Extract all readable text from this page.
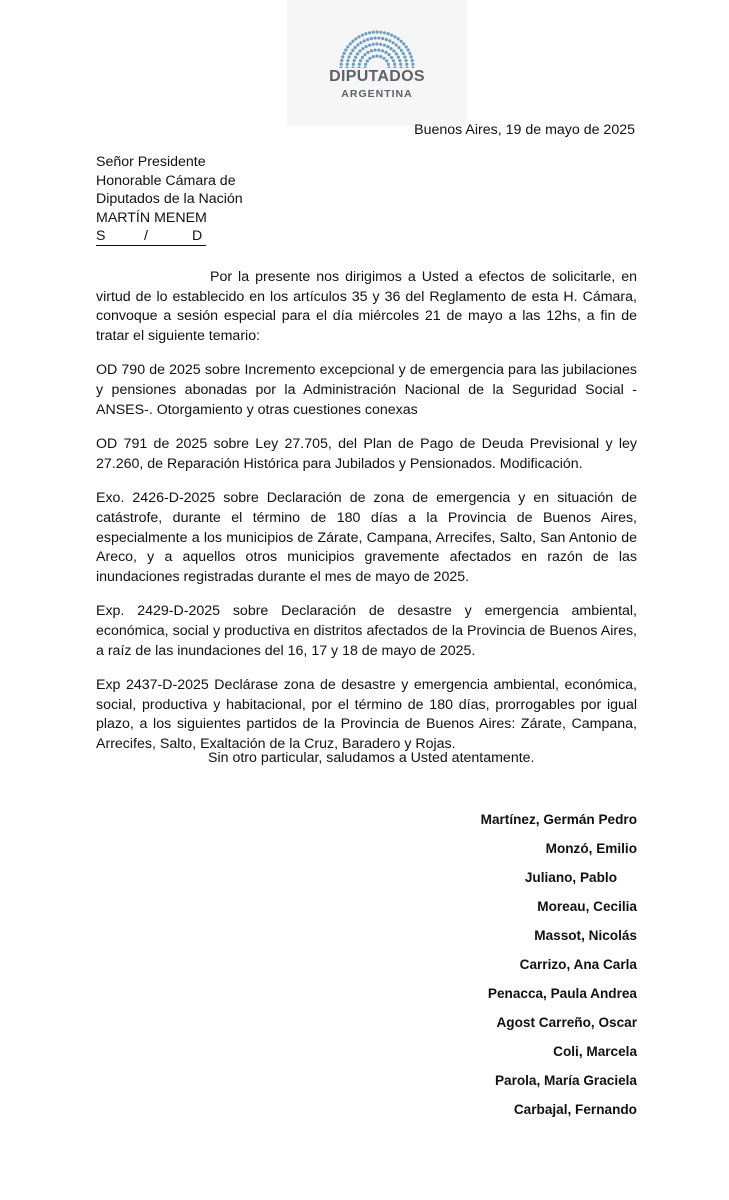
DIPUTADOS
ARGENTINA
Buenos Aires, 19 de mayo de 2025
Señor Presidente
Honorable Cámara de
Diputados de la Nación
MARTÍN MENEM
S	/	D

Por la presente nos dirigimos a Usted a efectos de solicitarle, en virtud de lo establecido en los artículos 35 y 36 del Reglamento de esta H. Cámara, convoque a sesión especial para el día miércoles 21 de mayo a las 12hs, a fin de tratar el siguiente temario:

OD 790 de 2025 sobre Incremento excepcional y de emergencia para las jubilaciones y pensiones abonadas por la Administración Nacional de la Seguridad Social -ANSES-. Otorgamiento y otras cuestiones conexas

OD 791 de 2025 sobre Ley 27.705, del Plan de Pago de Deuda Previsional y ley 27.260, de Reparación Histórica para Jubilados y Pensionados. Modificación.

Exo. 2426-D-2025 sobre Declaración de zona de emergencia y en situación de catástrofe, durante el término de 180 días a la Provincia de Buenos Aires, especialmente a los municipios de Zárate, Campana, Arrecifes, Salto, San Antonio de Areco, y a aquellos otros municipios gravemente afectados en razón de las inundaciones registradas durante el mes de mayo de 2025.

Exp. 2429-D-2025 sobre Declaración de desastre y emergencia ambiental, económica, social y productiva en distritos afectados de la Provincia de Buenos Aires, a raíz de las inundaciones del 16, 17 y 18 de mayo de 2025.

Exp 2437-D-2025 Declárase zona de desastre y emergencia ambiental, económica, social, productiva y habitacional, por el término de 180 días, prorrogables por igual plazo, a los siguientes partidos de la Provincia de Buenos Aires: Zárate, Campana, Arrecifes, Salto, Exaltación de la Cruz, Baradero y Rojas.

Sin otro particular, saludamos a Usted atentamente.
Martínez, Germán Pedro
Monzó, Emilio
Juliano, Pablo
Moreau, Cecilia
Massot, Nicolás
Carrizo, Ana Carla
Penacca, Paula Andrea
Agost Carreño, Oscar
Coli, Marcela
Parola, María Graciela
Carbajal, Fernando
